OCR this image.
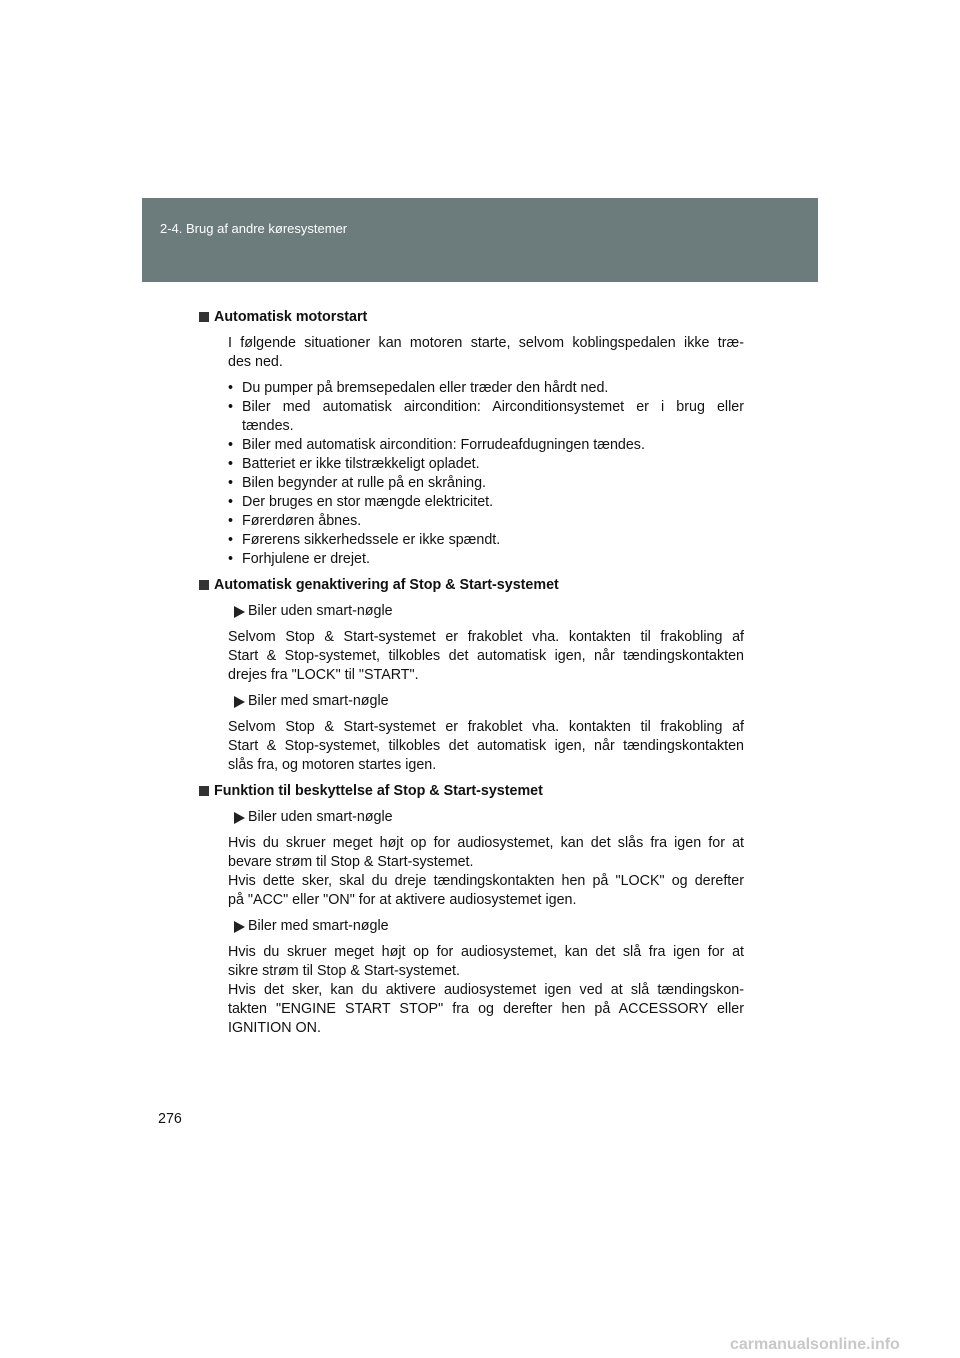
2-4. Brug af andre køresystemer
Automatisk motorstart
I følgende situationer kan motoren starte, selvom koblingspedalen ikke træ-
des ned.
• Du pumper på bremsepedalen eller træder den hårdt ned.
• Biler med automatisk aircondition: Airconditionsystemet er i brug eller
tændes.
• Biler med automatisk aircondition: Forrudeafdugningen tændes.
• Batteriet er ikke tilstrækkeligt opladet.
• Bilen begynder at rulle på en skråning.
• Der bruges en stor mængde elektricitet.
• Førerdøren åbnes.
• Førerens sikkerhedssele er ikke spændt.
• Forhjulene er drejet.
Automatisk genaktivering af Stop & Start-systemet
Biler uden smart-nøgle
Selvom Stop & Start-systemet er frakoblet vha. kontakten til frakobling af
Start & Stop-systemet, tilkobles det automatisk igen, når tændingskontakten
drejes fra "LOCK" til "START".
Biler med smart-nøgle
Selvom Stop & Start-systemet er frakoblet vha. kontakten til frakobling af
Start & Stop-systemet, tilkobles det automatisk igen, når tændingskontakten
slås fra, og motoren startes igen.
Funktion til beskyttelse af Stop & Start-systemet
Biler uden smart-nøgle
Hvis du skruer meget højt op for audiosystemet, kan det slås fra igen for at
bevare strøm til Stop & Start-systemet.
Hvis dette sker, skal du dreje tændingskontakten hen på "LOCK" og derefter
på "ACC" eller "ON" for at aktivere audiosystemet igen.
Biler med smart-nøgle
Hvis du skruer meget højt op for audiosystemet, kan det slå fra igen for at
sikre strøm til Stop & Start-systemet.
Hvis det sker, kan du aktivere audiosystemet igen ved at slå tændingskon-
takten "ENGINE START STOP" fra og derefter hen på ACCESSORY eller
IGNITION ON.
276
carmanualsonline.info
